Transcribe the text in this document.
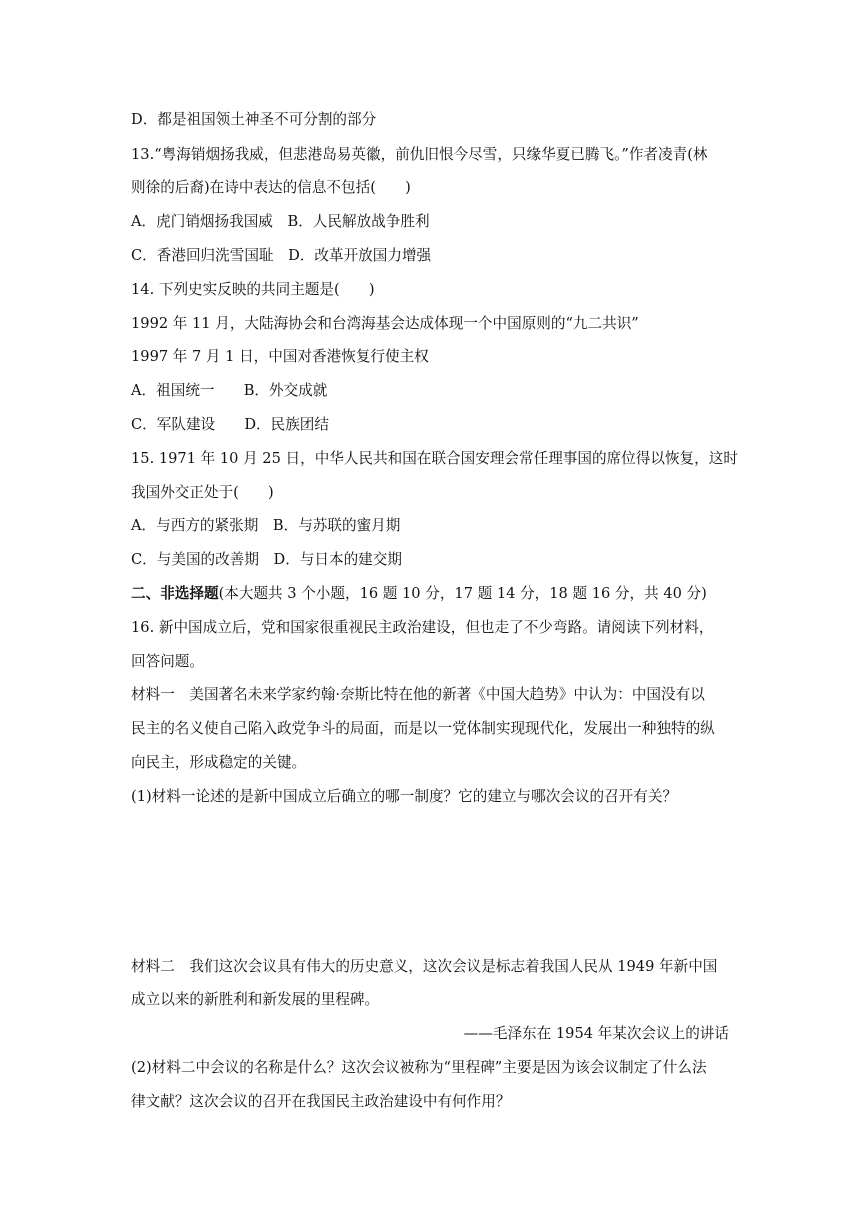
D．都是祖国领土神圣不可分割的部分
13.“粤海销烟扬我威，但悲港岛易英徽，前仇旧恨今尽雪，只缘华夏已腾飞。”作者凌青(林
则徐的后裔)在诗中表达的信息不包括(　　)
A．虎门销烟扬我国威　B．人民解放战争胜利
C．香港回归洗雪国耻　D．改革开放国力增强
14. 下列史实反映的共同主题是(　　)
1992 年 11 月，大陆海协会和台湾海基会达成体现一个中国原则的“九二共识”
1997 年 7 月 1 日，中国对香港恢复行使主权
A．祖国统一　　B．外交成就
C．军队建设　　D．民族团结
15. 1971 年 10 月 25 日，中华人民共和国在联合国安理会常任理事国的席位得以恢复，这时
我国外交正处于(　　)
A．与西方的紧张期　B．与苏联的蜜月期
C．与美国的改善期　D．与日本的建交期
二、非选择题(本大题共 3 个小题，16 题 10 分，17 题 14 分，18 题 16 分，共 40 分)
16. 新中国成立后，党和国家很重视民主政治建设，但也走了不少弯路。请阅读下列材料，
回答问题。
材料一　美国著名未来学家约翰·奈斯比特在他的新著《中国大趋势》中认为：中国没有以
民主的名义使自己陷入政党争斗的局面，而是以一党体制实现现代化，发展出一种独特的纵
向民主，形成稳定的关键。
(1)材料一论述的是新中国成立后确立的哪一制度？它的建立与哪次会议的召开有关？
材料二　我们这次会议具有伟大的历史意义，这次会议是标志着我国人民从 1949 年新中国
成立以来的新胜利和新发展的里程碑。
——毛泽东在 1954 年某次会议上的讲话
(2)材料二中会议的名称是什么？这次会议被称为“里程碑”主要是因为该会议制定了什么法
律文献？这次会议的召开在我国民主政治建设中有何作用？
